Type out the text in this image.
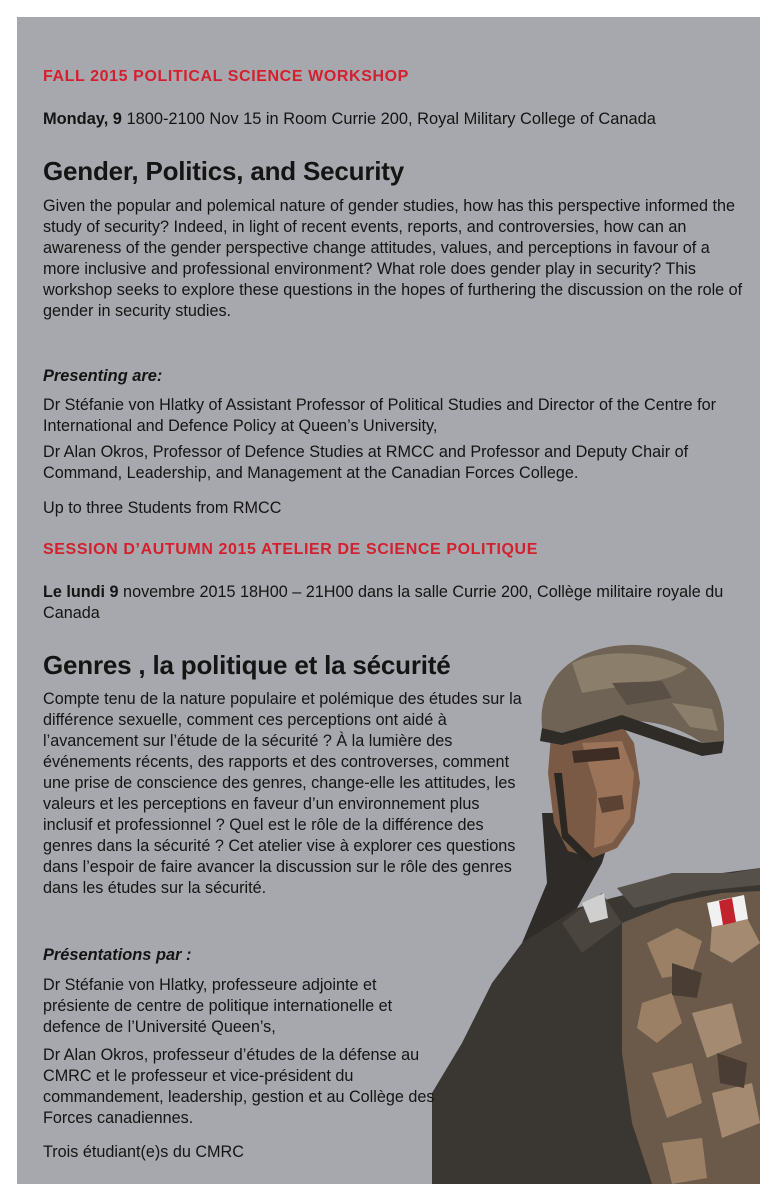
FALL 2015 POLITICAL SCIENCE WORKSHOP
Monday, 9 1800-2100 Nov 15 in Room Currie 200, Royal Military College of Canada
Gender, Politics, and Security

Given the popular and polemical nature of gender studies, how has this perspective informed the study of security? Indeed, in light of recent events, reports, and controversies, how can an awareness of the gender perspective change attitudes, values, and perceptions in favour of a more inclusive and professional environment? What role does gender play in security? This workshop seeks to explore these questions in the hopes of furthering the discussion on the role of gender in security studies.

Presenting are:

Dr Stéfanie von Hlatky of Assistant Professor of Political Studies and Director of the Centre for International and Defence Policy at Queen’s University,

Dr Alan Okros, Professor of Defence Studies at RMCC and Professor and Deputy Chair of Command, Leadership, and Management at the Canadian Forces College.

Up to three Students from RMCC

SESSION D’AUTUMN 2015 ATELIER DE SCIENCE POLITIQUE

Le lundi 9 novembre 2015 18H00 – 21H00 dans la salle Currie 200, Collège militaire royale du Canada

Genres , la politique et la sécurité

Compte tenu de la nature populaire et polémique des études sur la différence sexuelle, comment ces perceptions ont aidé à l’avancement sur l’étude de la sécurité ? À la lumière des événements récents, des rapports et des controverses, comment une prise de conscience des genres, change-elle les attitudes, les valeurs et les perceptions en faveur d’un environnement plus inclusif et professionnel ? Quel est le rôle de la différence des genres dans la sécurité ? Cet atelier vise à explorer ces questions dans l’espoir de faire avancer la discussion sur le rôle des genres dans les études sur la sécurité.

Présentations par :

Dr Stéfanie von Hlatky, professeure adjointe et présiente de centre de politique internationelle et defence de l’Université Queen’s,

Dr Alan Okros, professeur d’études de la défense au CMRC et le professeur et vice-président du commandement, leadership, gestion et au Collège des Forces canadiennes.

Trois étudiant(e)s du CMRC
